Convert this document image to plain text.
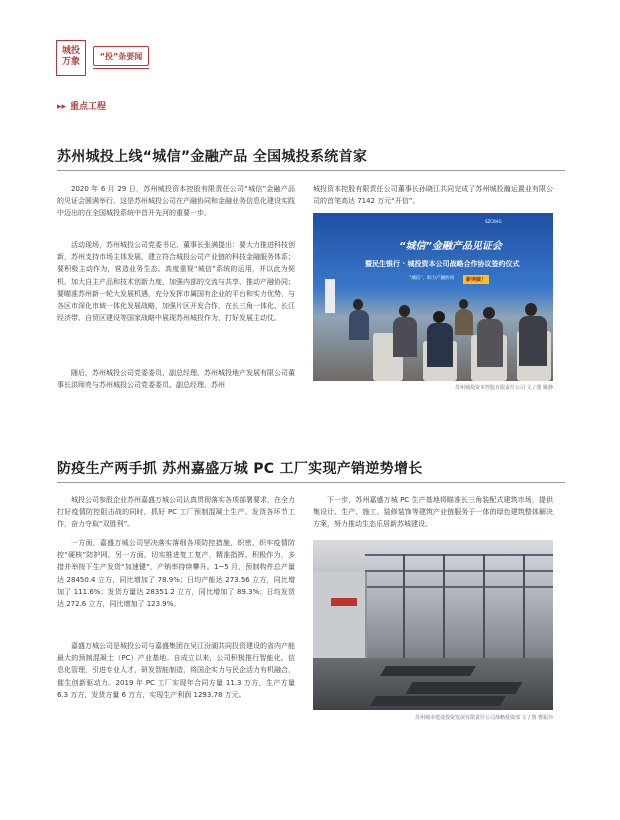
城投
万象
“投”条要闻
▸▸ 重点工程
苏州城投上线“城信”金融产品 全国城投系统首家

2020 年 6 月 29 日，苏州城投资本控股有限责任公司“城信”金融产品的见证会圆满举行。这是苏州城投公司在产融协同和金融业务信息化建设实践中迈出的在全国城投系统中首开先河的重要一步。

活动现场，苏州城投公司党委书记、董事长张满提出：要大力推进科技创新，苏州支持市场主体发展，建立符合城投公司产业链的科技金融服务体系；要积极主动作为，营造业务生态。高度重视“城信”系统的运用，并以此为契机，加大自主产品和技术创新力度，加强内部的交流与共享，推动产融协同；要瞄准苏州新一轮大发展机遇，充分发挥市属国有企业的平台和实力优势，与各区市深化市域一体化发展战略，加强片区开发合作，在长三角一体化、长江经济带、自贸区建设等国家战略中展现苏州城投作为，打好发展主动仗。

随后，苏州城投公司党委委员、副总经理、苏州城投地产发展有限公司董事长洪师亮与苏州城投公司党委委员、副总经理、苏州

城投资本控股有限责任公司董事长孙晓江共同完成了苏州城投瀚运置业有限公司的首笔高达 7142 万元“开信”。

SZCIIHG
“城信”金融产品见证会
暨民生银行 · 城投资本公司战略合作协议签约仪式
“城信”，助力产融协同	新突破！
苏州城投资本控股有限责任公司 文 / 图 姚静
防疫生产两手抓 苏州嘉盛万城 PC 工厂实现产销逆势增长

城投公司参股企业苏州嘉盛万城公司认真贯彻落实各项部署要求，在全力打好疫情防控阻击战的同时，抓好 PC 工厂预制混凝土生产、发货各环节工作，奋力夺取“双胜利”。

一方面，嘉盛万城公司坚决落实落细各项防控措施，织密、织牢疫情防控“硬核”防护网。另一方面，切实推进复工复产，精准指挥、积极作为，多措并举按下生产发货“加速键”，产销率持续攀升。1~5 月，预制构件总产量达 28450.4 立方，同比增加了 78.9%；日均产能达 273.56 立方，同比增加了 111.6%；发货方量达 28351.2 立方，同比增加了 89.3%；日均发货达 272.6 立方，同比增加了 123.9%。

嘉盛万城公司是城投公司与嘉盛集团在吴江汾湖共同投资建设的省内产能最大的预制混凝土（PC）产业基地。自成立以来，公司积极推行智能化、信息化管理，引进专业人才，研发智能制造，将国企实力与民企活力有机融合，催生创新驱动力。2019 年 PC 工厂实现年合同方量 11.3 万方，生产方量 6.3 万方，发货方量 6 万方，实现生产利润 1293.78 万元。

下一步，苏州嘉盛万城 PC 生产基地将瞄准长三角装配式建筑市场，提供集设计、生产、施工、装修装饰等建筑产业链服务于一体的绿色建筑整体解决方案，努力推动生态乐居新苏城建设。

苏州城市建设投资发展有限责任公司战略投资部 文 / 图 曹振伟
